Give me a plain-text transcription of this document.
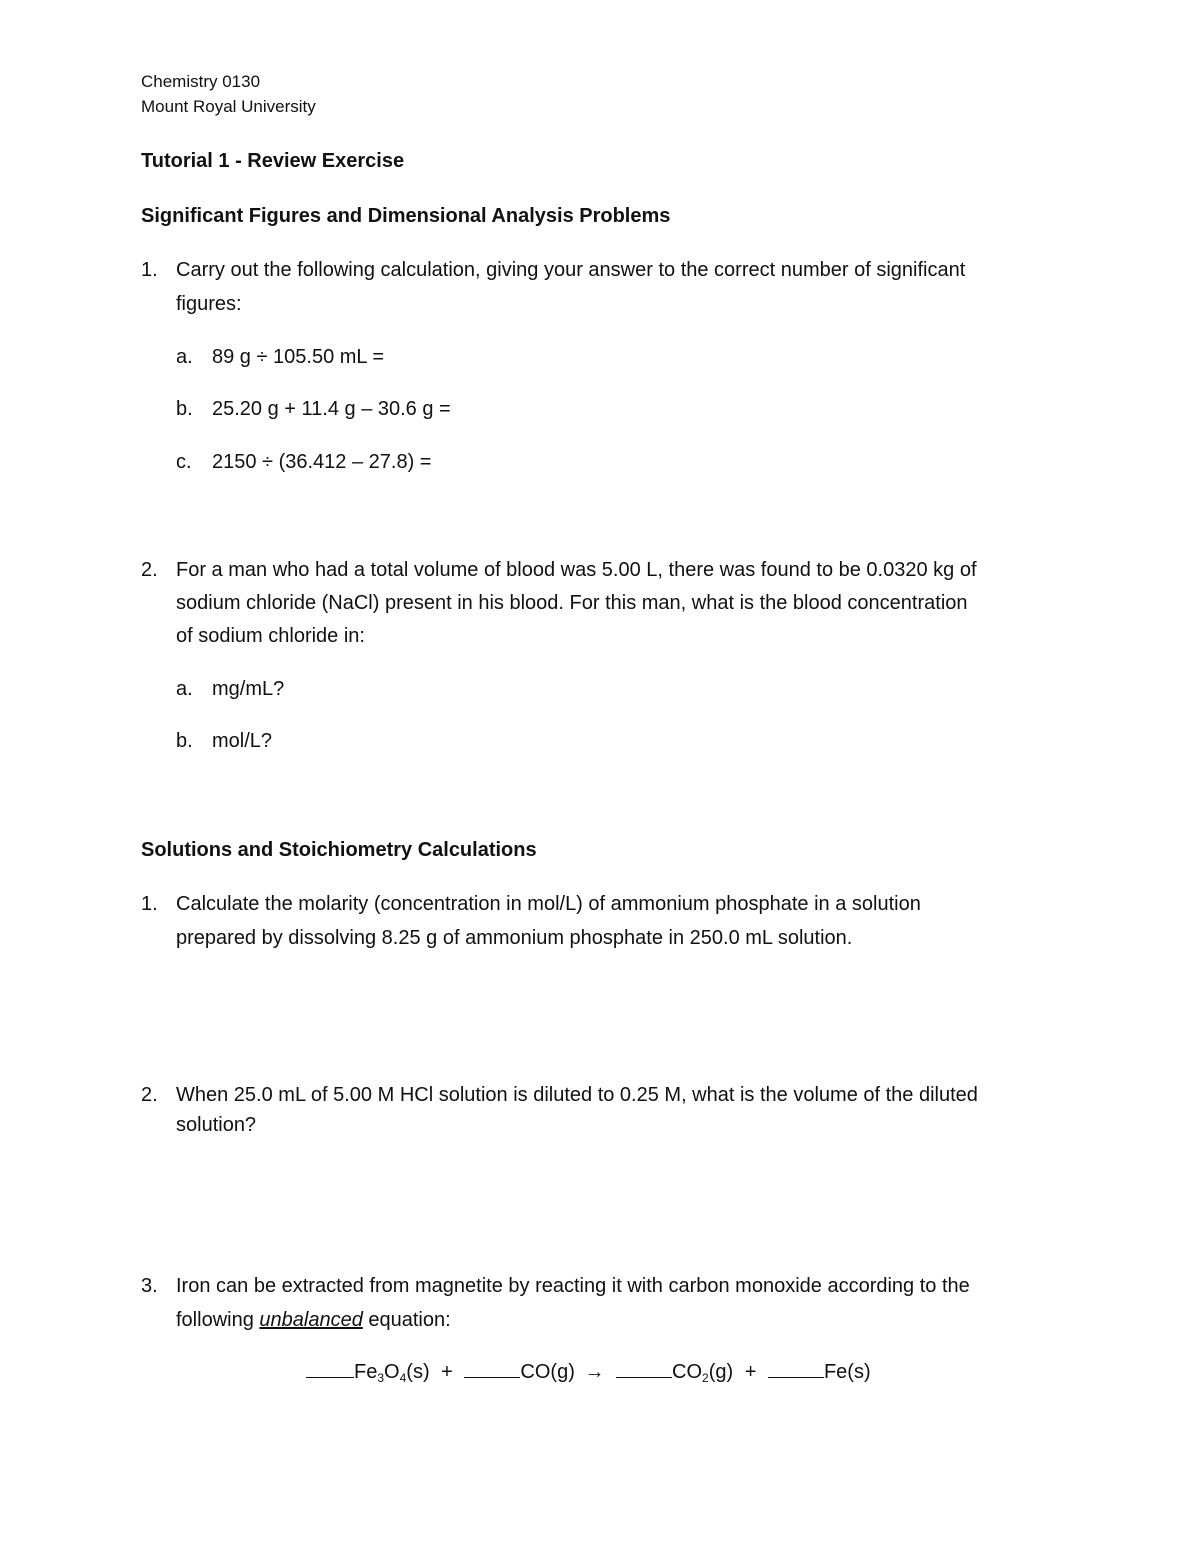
Chemistry 0130

Mount Royal University

Tutorial 1 - Review Exercise

Significant Figures and Dimensional Analysis Problems

1. Carry out the following calculation, giving your answer to the correct number of significant

figures:

a. 89 g ÷ 105.50 mL =

b. 25.20 g + 11.4 g – 30.6 g =

c. 2150 ÷ (36.412 – 27.8) =

2. For a man who had a total volume of blood was 5.00 L, there was found to be 0.0320 kg of

sodium chloride (NaCl) present in his blood. For this man, what is the blood concentration

of sodium chloride in:

a. mg/mL?

b. mol/L?

Solutions and Stoichiometry Calculations

1. Calculate the molarity (concentration in mol/L) of ammonium phosphate in a solution

prepared by dissolving 8.25 g of ammonium phosphate in 250.0 mL solution.

2. When 25.0 mL of 5.00 M HCl solution is diluted to 0.25 M, what is the volume of the diluted

solution?

3. Iron can be extracted from magnetite by reacting it with carbon monoxide according to the

following unbalanced equation:

$Fe_3O_4(s)$ +	CO(g) →	$CO_2(g)$ +	Fe(s)
